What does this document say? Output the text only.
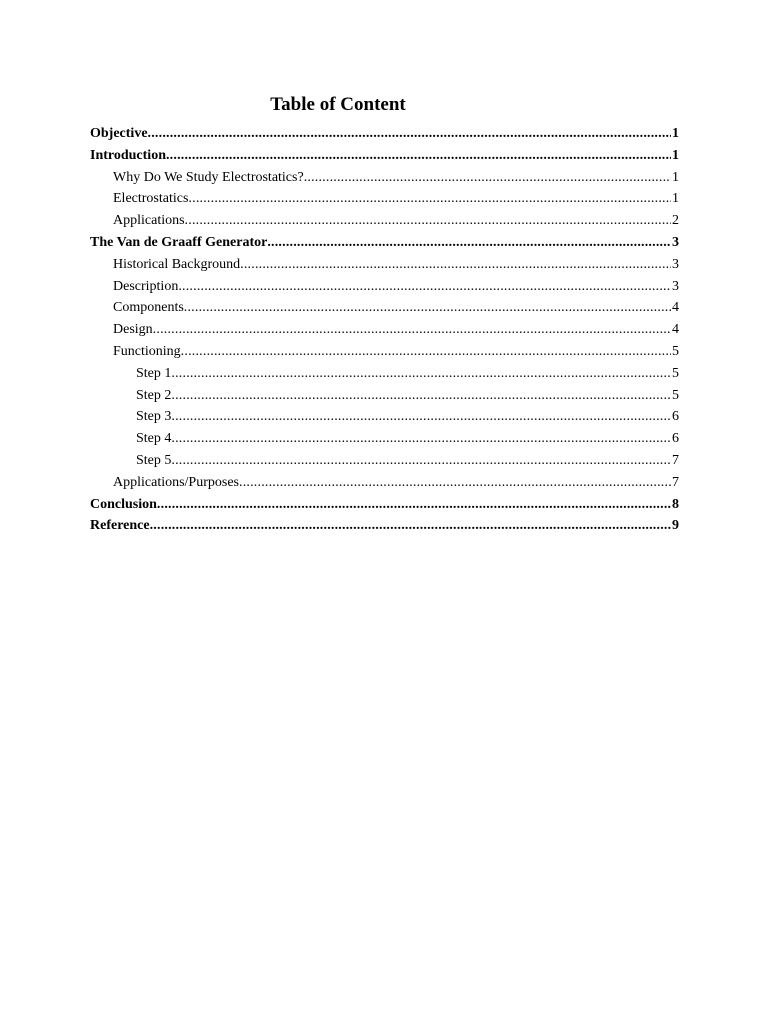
Table of Content
Objective .....	1
Introduction .....	1
Why Do We Study Electrostatics? .....	1
Electrostatics .....	1
Applications .....	2
The Van de Graaff Generator .....	3
Historical Background .....	3
Description .....	3
Components .....	4
Design .....	4
Functioning .....	5
Step 1 .....	5
Step 2 .....	5
Step 3 .....	6
Step 4 .....	6
Step 5 .....	7
Applications/Purposes .....	7
Conclusion .....	8
Reference .....	9
